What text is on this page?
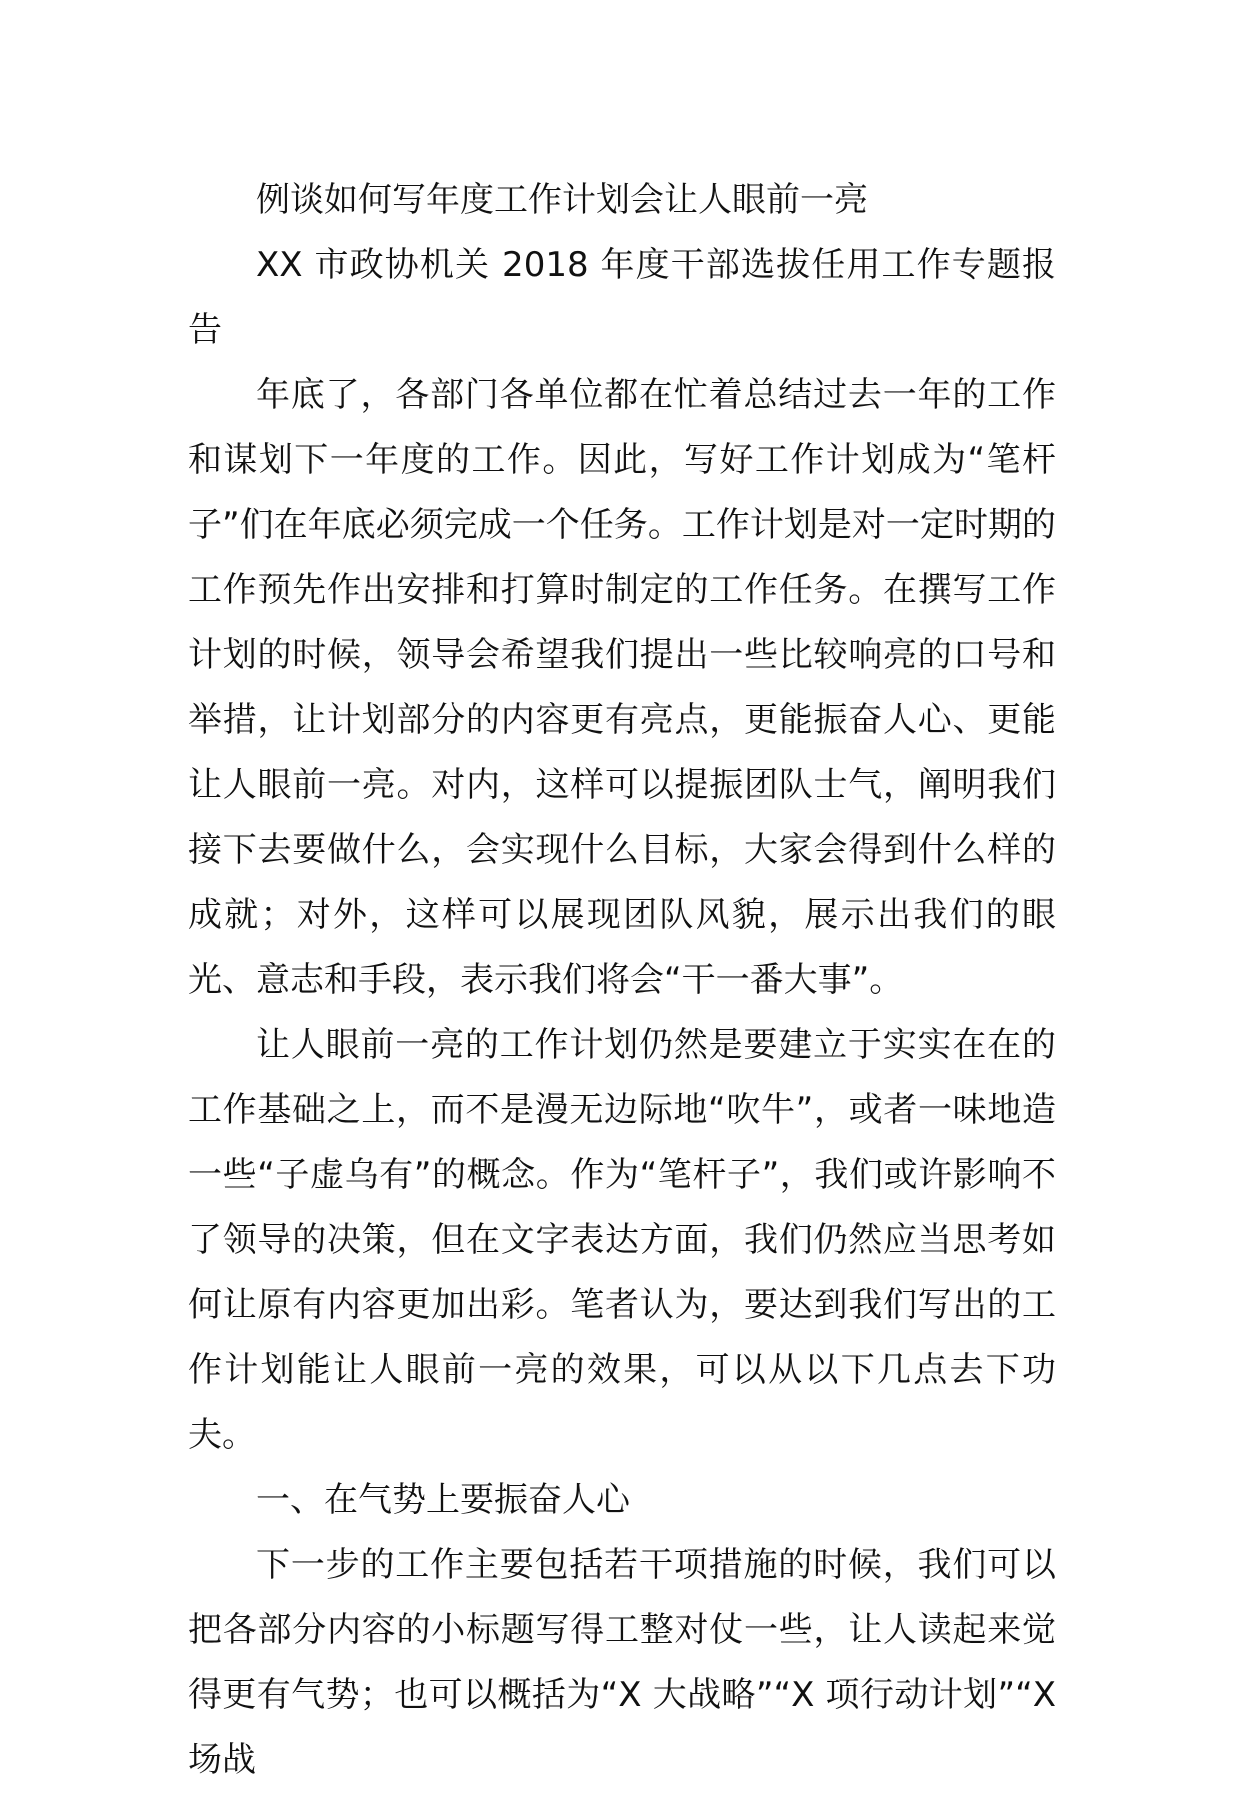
例谈如何写年度工作计划会让人眼前一亮

XX 市政协机关 2018 年度干部选拔任用工作专题报告

年底了，各部门各单位都在忙着总结过去一年的工作和谋划下一年度的工作。因此，写好工作计划成为“笔杆子”们在年底必须完成一个任务。工作计划是对一定时期的工作预先作出安排和打算时制定的工作任务。在撰写工作计划的时候，领导会希望我们提出一些比较响亮的口号和举措，让计划部分的内容更有亮点，更能振奋人心、更能让人眼前一亮。对内，这样可以提振团队士气，阐明我们接下去要做什么，会实现什么目标，大家会得到什么样的成就；对外，这样可以展现团队风貌，展示出我们的眼光、意志和手段，表示我们将会“干一番大事”。

让人眼前一亮的工作计划仍然是要建立于实实在在的工作基础之上，而不是漫无边际地“吹牛”，或者一味地造一些“子虚乌有”的概念。作为“笔杆子”，我们或许影响不了领导的决策，但在文字表达方面，我们仍然应当思考如何让原有内容更加出彩。笔者认为，要达到我们写出的工作计划能让人眼前一亮的效果，可以从以下几点去下功夫。

一、在气势上要振奋人心

下一步的工作主要包括若干项措施的时候，我们可以把各部分内容的小标题写得工整对仗一些，让人读起来觉得更有气势；也可以概括为“X 大战略”“X 项行动计划”“X 场战
